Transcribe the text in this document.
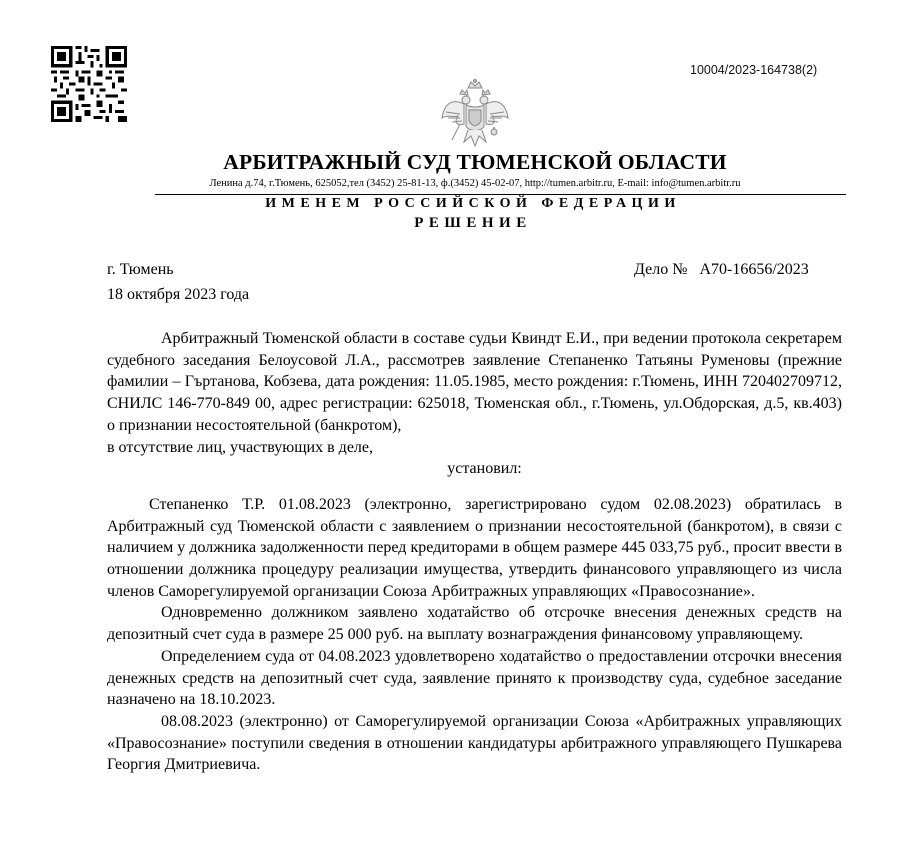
10004/2023-164738(2)
АРБИТРАЖНЫЙ СУД ТЮМЕНСКОЙ ОБЛАСТИ
Ленина д.74, г.Тюмень, 625052,тел (3452) 25-81-13, ф.(3452) 45-02-07, http://tumen.arbitr.ru, E-mail: info@tumen.arbitr.ru
ИМЕНЕМ РОССИЙСКОЙ ФЕДЕРАЦИИ
РЕШЕНИЕ
г. Тюмень
18 октября 2023 года
Дело № А70-16656/2023

Арбитражный Тюменской области в составе судьи Квиндт Е.И., при ведении протокола секретарем судебного заседания Белоусовой Л.А., рассмотрев заявление Степаненко Татьяны Руменовы (прежние фамилии – Гъртанова, Кобзева, дата рождения: 11.05.1985, место рождения: г.Тюмень, ИНН 720402709712, СНИЛС 146-770-849 00, адрес регистрации: 625018, Тюменская обл., г.Тюмень, ул.Обдорская, д.5, кв.403) о признании несостоятельной (банкротом),

в отсутствие лиц, участвующих в деле,

установил:

Степаненко Т.Р. 01.08.2023 (электронно, зарегистрировано судом 02.08.2023) обратилась в Арбитражный суд Тюменской области с заявлением о признании несостоятельной (банкротом), в связи с наличием у должника задолженности перед кредиторами в общем размере 445 033,75 руб., просит ввести в отношении должника процедуру реализации имущества, утвердить финансового управляющего из числа членов Саморегулируемой организации Союза Арбитражных управляющих «Правосознание».

Одновременно должником заявлено ходатайство об отсрочке внесения денежных средств на депозитный счет суда в размере 25 000 руб. на выплату вознаграждения финансовому управляющему.

Определением суда от 04.08.2023 удовлетворено ходатайство о предоставлении отсрочки внесения денежных средств на депозитный счет суда, заявление принято к производству суда, судебное заседание назначено на 18.10.2023.

08.08.2023 (электронно) от Саморегулируемой организации Союза «Арбитражных управляющих «Правосознание» поступили сведения в отношении кандидатуры арбитражного управляющего Пушкарева Георгия Дмитриевича.
